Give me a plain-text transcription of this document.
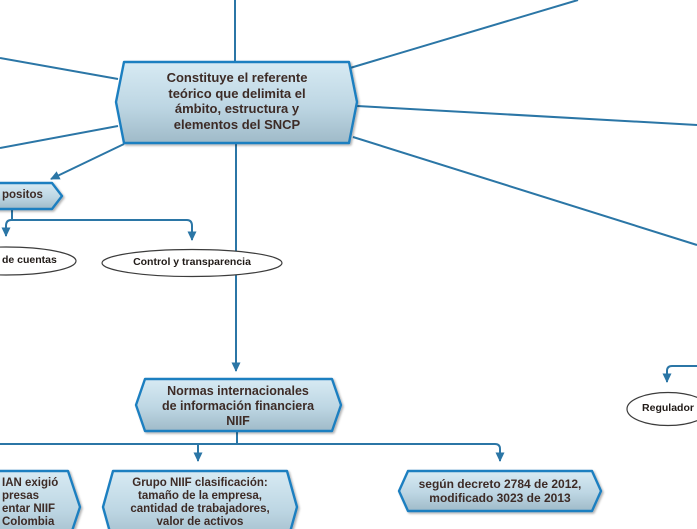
Constituye el referente
teórico que delimita el
ámbito, estructura y
elementos del SNCP
positos
de cuentas	Control y transparencia
Normas internacionales
de información financiera
NIIF
IAN exigió
presas
entar NIIF
Colombia
Grupo NIIF clasificación:
tamaño de la empresa,
cantidad de trabajadores,
valor de activos
según decreto 2784 de 2012,
modificado 3023 de 2013
Regulador
